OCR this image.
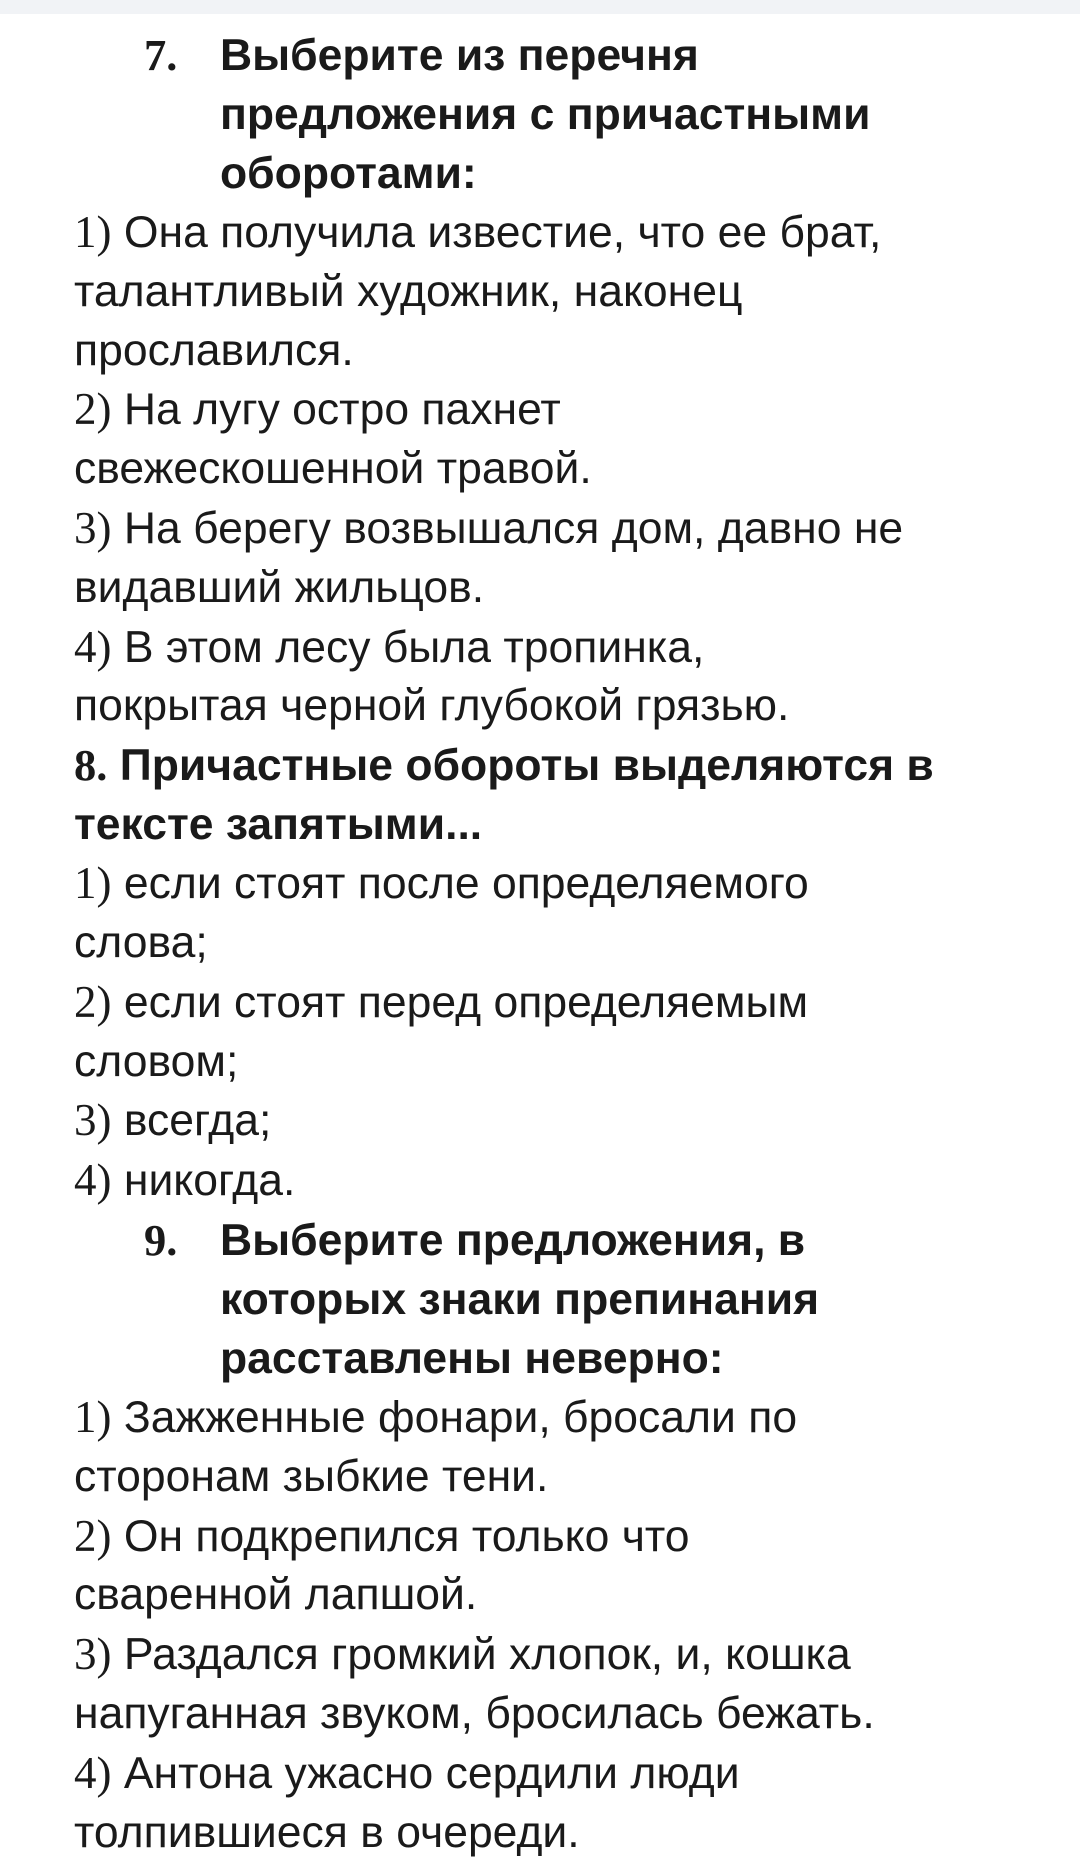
7. Выберите из перечня
предложения с причастными
оборотами:
1) Она получила известие, что ее брат,
талантливый художник, наконец
прославился.
2) На лугу остро пахнет
свежескошенной травой.
3) На берегу возвышался дом, давно не
видавший жильцов.
4) В этом лесу была тропинка,
покрытая черной глубокой грязью.
8. Причастные обороты выделяются в
тексте запятыми...
1) если стоят после определяемого
слова;
2) если стоят перед определяемым
словом;
3) всегда;
4) никогда.
9. Выберите предложения, в
которых знаки препинания
расставлены неверно:
1) Зажженные фонари, бросали по
сторонам зыбкие тени.
2) Он подкрепился только что
сваренной лапшой.
3) Раздался громкий хлопок, и, кошка
напуганная звуком, бросилась бежать.
4) Антона ужасно сердили люди
толпившиеся в очереди.
